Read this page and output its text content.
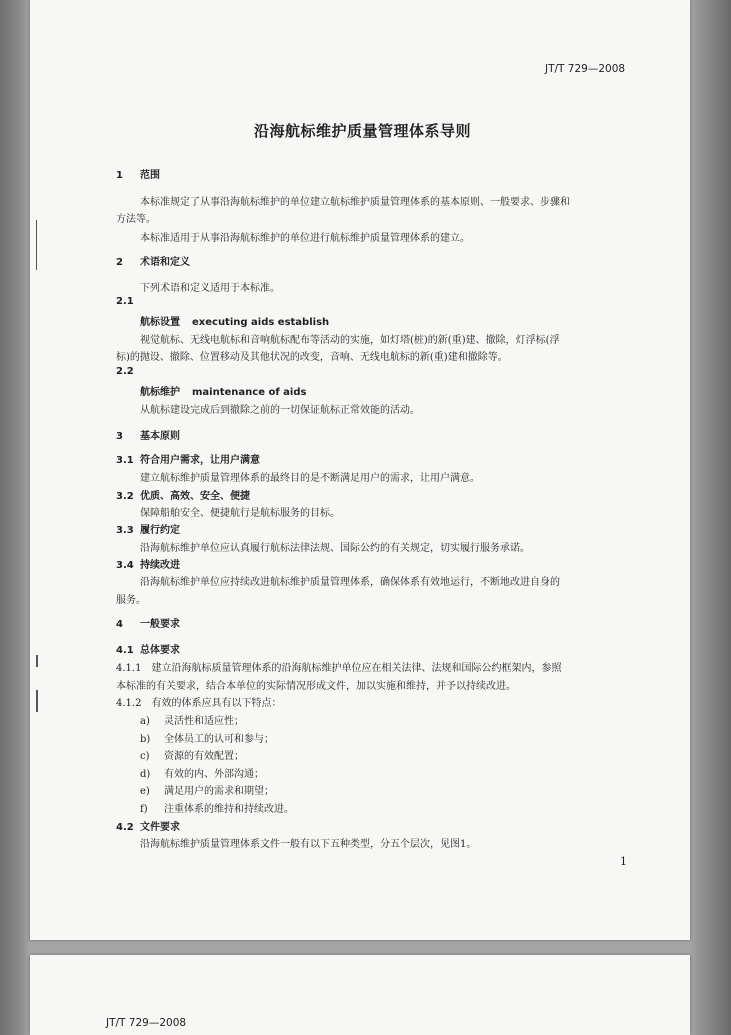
JT/T 729—2008
沿海航标维护质量管理体系导则
1 范围
本标准规定了从事沿海航标维护的单位建立航标维护质量管理体系的基本原则、一般要求、步骤和
方法等。
本标准适用于从事沿海航标维护的单位进行航标维护质量管理体系的建立。
2 术语和定义
下列术语和定义适用于本标准。
2.1
航标设置 executing aids establish
视觉航标、无线电航标和音响航标配布等活动的实施，如灯塔(桩)的新(重)建、撤除，灯浮标(浮
标)的抛设、撤除、位置移动及其他状况的改变，音响、无线电航标的新(重)建和撤除等。
2.2
航标维护 maintenance of aids
从航标建设完成后到撤除之前的一切保证航标正常效能的活动。
3 基本原则
3.1 符合用户需求，让用户满意
建立航标维护质量管理体系的最终目的是不断满足用户的需求，让用户满意。
3.2 优质、高效、安全、便捷
保障船舶安全、便捷航行是航标服务的目标。
3.3 履行约定
沿海航标维护单位应认真履行航标法律法规、国际公约的有关规定，切实履行服务承诺。
3.4 持续改进
沿海航标维护单位应持续改进航标维护质量管理体系，确保体系有效地运行，不断地改进自身的
服务。
4 一般要求
4.1 总体要求
4.1.1　建立沿海航标质量管理体系的沿海航标维护单位应在相关法律、法规和国际公约框架内，参照
本标准的有关要求，结合本单位的实际情况形成文件，加以实施和维持，并予以持续改进。
4.1.2　有效的体系应具有以下特点：
a) 灵活性和适应性；
b) 全体员工的认可和参与；
c) 资源的有效配置；
d) 有效的内、外部沟通；
e) 满足用户的需求和期望；
f) 注重体系的维持和持续改进。
4.2 文件要求
沿海航标维护质量管理体系文件一般有以下五种类型，分五个层次，见图1。
1
JT/T 729—2008
